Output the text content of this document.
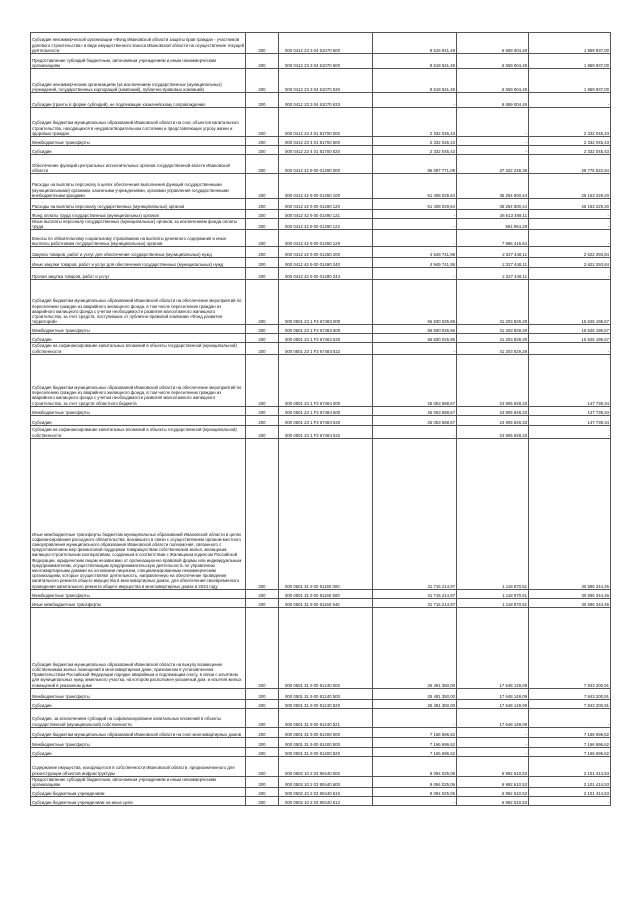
Субсидия некоммерческой организации «Фонд Ивановской области защиты прав граждан - участников долевого строительства» в виде имущественного взноса Ивановской области на осуществление текущей деятельности	200	000 0412 23 3 04 61070 600	8 616 941,49	6 659 004,49	1 959 937,00
Предоставление субсидий бюджетным, автономным учреждениям и иным некоммерческим организациям	200	000 0412 23 3 04 61070 600	8 618 941,49	6 659 004,49	1 959 937,00
Субсидии некоммерческим организациям (за исключением государственных (муниципальных) учреждений, государственных корпораций (компаний), публично-правовых компаний)	200	000 0412 23 3 04 61070 630	8 618 941,49	6 659 004,49	1 959 937,00
Субсидии (гранты в форме субсидий), не подлежащие казначейскому сопровождению	200	000 0412 23 3 04 61070 633	-	6 659 004,49	-
Субсидия бюджетам муниципальных образований Ивановской области на снос объектов капитального строительства, находящихся в неудовлетворительном состоянии и представляющих угрозу жизни и здоровью граждан	200	000 0412 23 4 01 81700 000	2 332 045,43	-	2 332 045,43
Межбюджетные трансферты	200	000 0412 23 4 01 81700 500	2 332 045,43	-	2 332 045,43
Субсидии	200	000 0412 23 4 01 81700 520	2 332 045,43	-	2 332 045,43
Обеспечение функций центральных исполнительных органов государственной власти Ивановской области	200	000 0412 42 9 00 01490 000	86 097 771,09	37 322 248,35	29 775 522,94
Расходы на выплаты персоналу в целях обеспечения выполнения функций государственными (муниципальными) органами, казенными учреждениями, органами управления государственными внебюджетными фондами	200	000 0412 42 9 00 01450 100	61 408 029,64	35 254 800,44	26 153 229,20
Расходы на выплаты персоналу государственных (муниципальных) органов	200	000 0412 42 9 00 01490 120	61 408 029,64	35 254 800,44	26 153 229,20
Фонд оплаты труда государственных (муниципальных) органов	200	000 0412 42 9 00 01490 121	-	26 613 489,11	-
Иные выплаты персоналу государственных (муниципальных) органов, за исключением фонда оплаты труда	200	000 0412 42 9 00 01490 122	-	664 964,29	-
Взносы по обязательному социальному страхованию на выплаты денежного содержания и иные выплаты работникам государственных (муниципальных) органов	200	000 0412 42 9 00 01450 129	-	7 966 416,64	-
Закупка товаров, работ и услуг для обеспечения государственных (муниципальных) нужд	200	000 0412 42 9 00 01450 200	4 649 741,95	2 327 448,11	2 622 293,84
Иные закупки товаров, работ и услуг для обеспечения государственных (муниципальных) нужд	200	000 0412 42 9 00 01490 240	4 949 741,95	2 327 448,11	2 622 293,84
Прочая закупка товаров, работ и услуг	200	000 0412 42 9 00 01490 244	-	2 327 448,11	-
Субсидия бюджетам муниципальных образований Ивановской области на обеспечение мероприятий по переселению граждан из аварийного жилищного фонда, в том числе переселению граждан из аварийного жилищного фонда с учетом необходимости развития малоэтажного жилищного строительства, за счет средств, поступивших от публично-правовой компании «Фонд развития территорий»	200	000 0501 23 1 F3 67483 000	56 830 025,86	41 203 829,29	15 626 196,57
Межбюджетные трансферты	200	000 0501 23 1 F3 67483 500	56 830 025,86	41 203 829,29	15 626 196,57
Субсидии	200	000 0501 23 1 F3 67483 520	56 830 025,86	41 203 829,29	15 626 196,57
Субсидии на софинансирование капитальных вложений в объекты государственной (муниципальной) собственности	200	000 0501 23 1 F3 67483 522	-	41 203 829,29	-
Субсидия бюджетам муниципальных образований Ивановской области на обеспечение мероприятий по переселению граждан из аварийного жилищного фонда, в том числе переселению граждан из аварийного жилищного фонда с учетом необходимости развития малоэтажного жилищного строительства, за счет средств областного бюджета	200	000 0501 23 1 F3 67484 000	25 053 588,67	24 905 849,33	147 739,34
Межбюджетные трансферты	200	000 0501 23 1 F3 67484 500	25 053 588,67	24 905 849,33	147 739,34
Субсидии	200	000 0501 23 1 F3 67484 520	25 053 588,67	24 905 849,33	147 739,34
Субсидии на софинансирование капитальных вложений в объекты государственной (муниципальной) собственности	200	000 0501 23 1 F3 67484 522	-	24 905 849,33	-
Иные межбюджетные трансферты бюджетам муниципальных образований Ивановской области в целях софинансирования расходного обязательства, возникшего в связи с осуществлением органом местного самоуправления муниципального образования Ивановской области полномочия, связанного с предоставлением мер финансовой поддержки товариществам собственников жилья, жилищным, жилищно-строительным кооперативам, созданным в соответствии с Жилищным кодексом Российской Федерации, юридическим лицам независимо от организационно-правовой формы или индивидуальным предпринимателям, осуществляющим предпринимательскую деятельность по управлению многоквартирными домами на основании лицензии, специализированным некоммерческим организациям, которые осуществляют деятельность, направленную на обеспечение проведения капитального ремонта общего имущества в многоквартирных домах, для обеспечения своевременного проведения капитального ремонта общего имущества в многоквартирных домах в 2024 году	200	000 0501 31 9 00 81160 000	31 715 214,97	1 118 870,51	30 596 344,46
Межбюджетные трансферты	200	000 0501 31 9 00 81160 500	31 715 214,97	1 118 870,51	30 596 344,46
Иные межбюджетные трансферты	200	000 0501 31 9 00 81160 540	31 715 214,97	1 118 870,51	30 596 344,46
Субсидия бюджетам муниципальных образований Ивановской области на выкупу возмещение собственникам жилых помещений в многоквартирном доме, признанном в установленном Правительством Российской Федерации порядке аварийным и подлежащим сносу, в связи с изъятием для муниципальных нужд земельного участка, на котором расположен указанный дом, и изъятия жилых помещений в указанном доме	200	000 0501 31 9 00 81240 000	25 491 350,00	17 648 149,09	7 843 200,91
Межбюджетные трансферты	200	000 0501 31 9 00 81240 500	25 491 350,00	17 648 149,09	7 843 200,91
Субсидии	200	000 0501 31 9 00 81240 520	25 491 350,00	17 648 149,09	7 843 200,91
Субсидии, за исключением субсидий на софинансирование капитальных вложений в объекты государственной (муниципальной) собственности	200	000 0501 31 9 00 81240 521	-	17 648 149,09	-
Субсидия бюджетам муниципальных образований Ивановской области на снос многоквартирных домов	200	000 0501 31 9 00 81400 000	7 166 696,62	-	7 166 696,62
Межбюджетные трансферты	200	000 0501 31 9 00 81400 500	7 166 696,62	-	7 166 696,62
Субсидии	200	000 0501 31 9 00 81400 520	7 166 696,62	-	7 166 696,62
Содержание имущества, находящегося в собственности Ивановской области, предназначенного для реконструкции объектов инфраструктуры	200	000 0502 10 2 03 90440 000	9 094 025,06	6 992 610,53	2 101 414,53
Предоставление субсидий бюджетным, автономным учреждениям и иным некоммерческим организациям	200	000 0502 10 2 03 90440 600	9 094 025,06	6 992 610,53	2 101 414,53
Субсидии бюджетным учреждениям	200	000 0502 10 2 03 90440 610	9 094 025,06	6 992 610,53	2 101 414,53
Субсидии бюджетным учреждениям на иные цели	200	000 0502 10 2 03 90440 612	-	6 992 610,53	-
